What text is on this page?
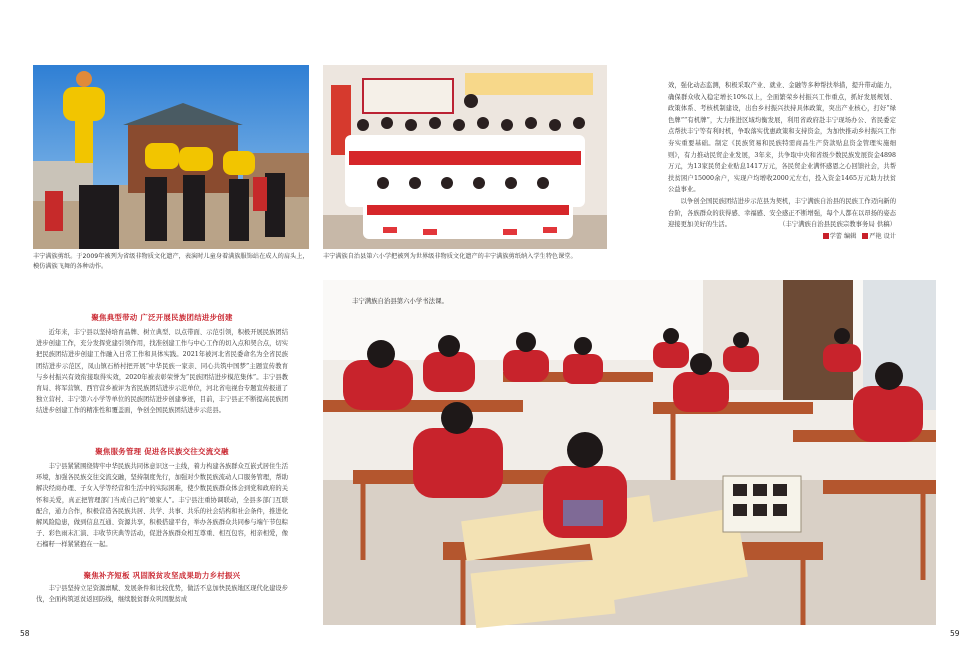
丰宁满族剪纸。于2009年被列为省级非物质文化遗产，表演时儿童身着满族服饰站在成人的肩头上，模仿满族飞舞的各种动作。
丰宁满族自治县第六小学把被列为世界级非物质文化遗产的丰宁满族剪纸纳入学生特色课堂。

效，强化动态监测，积极采取产业、就业、金融等多种帮扶举措，提升带动能力，确保群众收入稳定增长10%以上，全面繁荣乡村振兴工作重点，抓好发展规划、政策体系、考核机制建设，出台乡村振兴扶持具体政策，突出产业核心，打好“绿色牌”“有机牌”，大力推进区域均衡发展，利用省政府赴丰宁现场办公、省民委定点帮扶丰宁等有利时机，争取落实优惠政策和支持资金，为加快推动乡村振兴工作夯实重要基础。制定《民族贸易和民族特需商品生产贷款贴息资金管理实施细则》，有力推动民贸企业发展，3年来，共争取中央和省级少数民族发展资金4898万元，为13家民贸企业贴息1417万元，各民贸企业满怀感恩之心回馈社会，共帮扶贫困户15000余户，实现户均增收2000元左右，投入资金1465万元助力扶贫公益事业。

以争创全国民族团结进步示范县为契机，丰宁满族自治县的民族工作迈向新的台阶，各族群众的获得感、幸福感、安全感正不断增强，每个人都在以昂扬的姿态迎接更加美好的生活。	（丰宁满族自治县民族宗教事务局 供稿）
学蕾 编辑 严艳 设计
聚焦典型带动 广泛开展民族团结进步创建
近年来，丰宁县以坚持培育品牌、树立典型、以点带面、示范引领，积极开展民族团结进步创建工作，充分发挥党建引领作用，找准创建工作与中心工作的切入点和契合点，切实把民族团结进步创建工作融入日常工作和具体实践。2021年被河北省民委命名为全省民族团结进步示范区，凤山镇石桥村把开展“中华民族一家亲、同心共筑中国梦”主题宣传教育与乡村振兴有效衔接取得实效，2020年被表彰荣誉为“民族团结进步模范集体”。丰宁县教育局、将军营镇、西官营乡被评为省民族团结进步示范单位，河北省电视台专题宣传报道了独立营村、丰宁第六小学等单位的民族团结进步创建事迹，目前，丰宁县正不断提高民族团结进步创建工作的精准性和覆盖面，争创全国民族团结进步示范县。
聚焦服务管理 促进各民族交往交流交融
丰宁县紧紧围绕铸牢中华民族共同体意识这一主线，着力构建各族群众互嵌式居住生活环境，加强各民族交往交流交融，坚持制度先行，加强对少数民族流动人口服务管理，帮助解决经商办理、子女入学等经营和生活中的实际困难，使少数民族群众体会到党和政府的关怀和关爱，真正把管理部门当成自己的“娘家人”。丰宁县注重协调联动，全县多部门互联配合，通力合作，积极营造各民族共居、共学、共事、共乐的社会结构和社会条件，推进化解风险隐患，做到信息互通、资源共享，积极搭建平台，举办各族群众共同参与端午节包粽子、彩色雨末汇演、丰收节庆典等活动，促进各族群众相互尊重、相互包容，相亲相爱，像石榴籽一样紧紧抱在一起。
聚焦补齐短板 巩固脱贫攻坚成果助力乡村振兴
丰宁县坚持立足资源禀赋、发展条件和比较优势，做活不息加快民族地区现代化建设步伐，全面构筑返贫返回防线，继续脱贫群众巩固脱贫成
丰宁满族自治县第六小学书法课。
58	59
